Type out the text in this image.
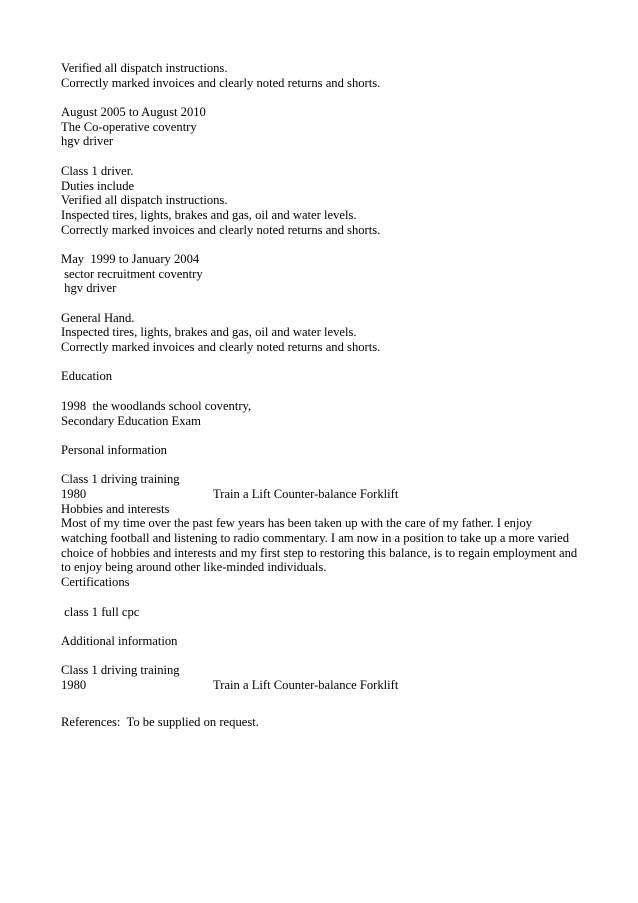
Verified all dispatch instructions.
Correctly marked invoices and clearly noted returns and shorts.
August 2005 to August 2010
The Co-operative coventry
hgv driver
Class 1 driver.
Duties include
Verified all dispatch instructions.
Inspected tires, lights, brakes and gas, oil and water levels.
Correctly marked invoices and clearly noted returns and shorts.
May  1999 to January 2004
sector recruitment coventry
hgv driver
General Hand.
Inspected tires, lights, brakes and gas, oil and water levels.
Correctly marked invoices and clearly noted returns and shorts.
Education
1998  the woodlands school coventry,
Secondary Education Exam
Personal information
Class 1 driving training
1980	Train a Lift Counter-balance Forklift
Hobbies and interests
Most of my time over the past few years has been taken up with the care of my father. I enjoy watching football and listening to radio commentary. I am now in a position to take up a more varied choice of hobbies and interests and my first step to restoring this balance, is to regain employment and to enjoy being around other like-minded individuals.
Certifications
class 1 full cpc
Additional information
Class 1 driving training
1980	Train a Lift Counter-balance Forklift
References:  To be supplied on request.
